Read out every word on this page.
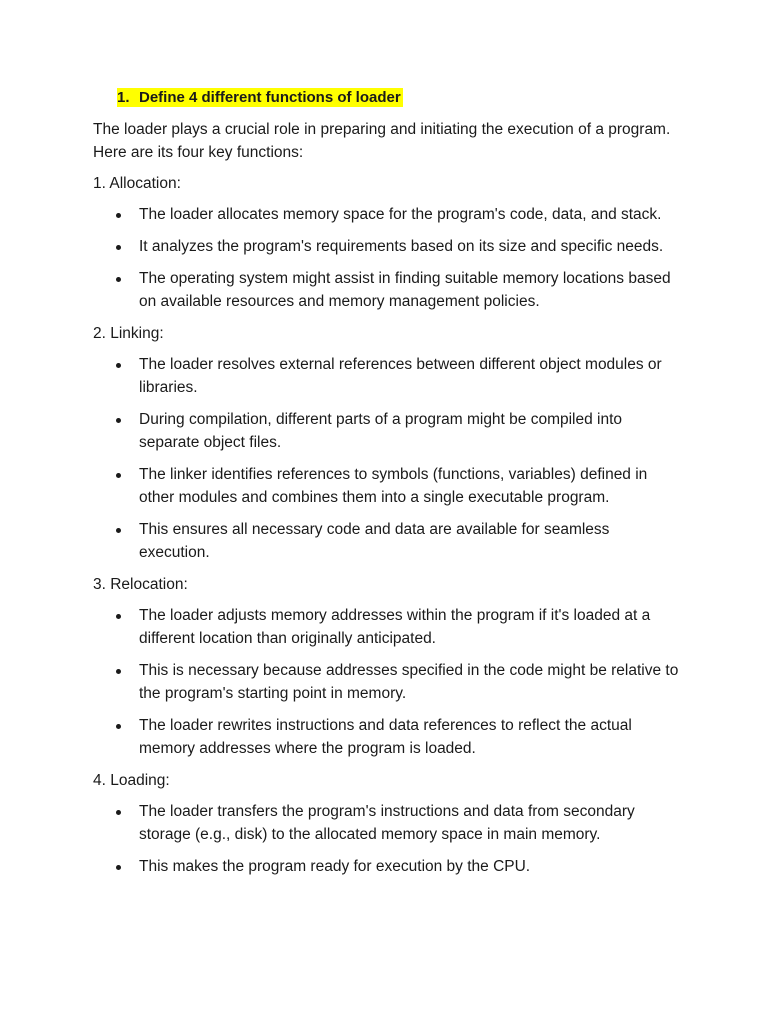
1. Define 4 different functions of loader

The loader plays a crucial role in preparing and initiating the execution of a program. Here are its four key functions:

1. Allocation:

The loader allocates memory space for the program's code, data, and stack.
It analyzes the program's requirements based on its size and specific needs.
The operating system might assist in finding suitable memory locations based on available resources and memory management policies.

2. Linking:

The loader resolves external references between different object modules or libraries.
During compilation, different parts of a program might be compiled into separate object files.
The linker identifies references to symbols (functions, variables) defined in other modules and combines them into a single executable program.
This ensures all necessary code and data are available for seamless execution.

3. Relocation:

The loader adjusts memory addresses within the program if it's loaded at a different location than originally anticipated.
This is necessary because addresses specified in the code might be relative to the program's starting point in memory.
The loader rewrites instructions and data references to reflect the actual memory addresses where the program is loaded.

4. Loading:

The loader transfers the program's instructions and data from secondary storage (e.g., disk) to the allocated memory space in main memory.
This makes the program ready for execution by the CPU.
